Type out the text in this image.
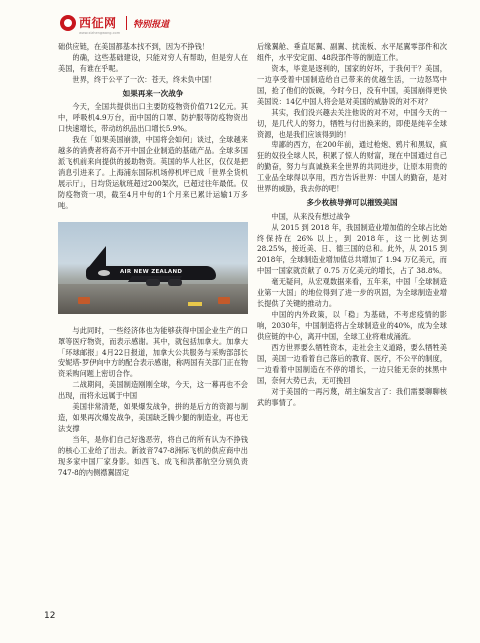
西征网
www.xizhengwang.com
特别报道

础供应链，在美国都基本找不到，因为不挣钱！

的确，这些基础建设，只能对穷人有帮助，但是穷人在美国，有谁在乎呢。

世界，终于公平了一次：苍天，终未负中国！

如果再来一次战争

今天，全国共提供出口主要防疫物资价值712亿元。其中，呼吸机4.9万台，而中国的口罩、防护服等防疫物资出口快速增长，带动纺织品出口增长5.9%。

我在「如果美国崩溃，中国将会如何」谈过，全球越来越多的消费者将高不开中国企业制造的基础产品。全球多国派飞机前来向提供的援助物资。英国的华人社区，仅仅是把消息引进来了。上海浦东国际机场停机坪已成「世界全货机展示厅」，日均货运航班超过200架次，已超过往年最低。仅防疫物资一项，截至4月中旬的1个月来已累计运输1万多吨。

AIR NEW ZEALAND

与此同时，一些经济体也为能够获得中国企业生产的口罩等医疗物资，而表示感谢。其中，就包括加拿大。加拿大「环球邮报」4月22日报道，加拿大公共服务与采购部部长安妮塔·罗伊向中方的配合表示感谢，称两国有关部门正在物资采购问题上密切合作。

二战期间，美国制造刚刚全球，今天，这一幕再也不会出现，而将永远属于中国

美国非常清楚，如果爆发战争，拼的是后方的资源与制造，如果再次爆发战争，美国缺乏腾少腿的制造业，再也无法支撑

当年，是你们自己好逸恶劳，将自己的所有认为不挣钱的核心工业给了出去。新波音747-8洲际飞机的供应商中出现多家中国厂家身影。如西飞、成飞和洪都航空分别负责747-8的内侧襟翼固定

后缘翼舱、垂直尾翼、副翼、扰流板、水平尾翼零部件和次组件，水平安定面、48段部件等的制造工作。

资本，毕竟是逐利的，国家的好坏，于我何干？美国，一边享受着中国制造给自己带来的优越生活，一边怒骂中国，抢了他们的饭碗，今时今日，没有中国，美国崩得更快美国说：14亿中国人将会是对美国的威胁说的对不对？

其实，我们没兴趣去关注他说的对不对，中国今天的一切，是几代人的努力，牺牲与付出换来的，即使是纯辛全球资源，也是我们应该得到的！

卑鄙的西方，在200年前，通过枪炮、鸦片和黑奴，疯狂的奴役全球人民，积累了惊人的财富，现在中国通过自己的勤奋，努力与真诚换来全世界的共同进步，让原本用贵的工业品全球得以享用，西方告诉世界：中国人的勤奋，是对世界的威胁，我去你的吧！

多少枚核导弹可以摧毁美国

中国，从来没有想过战争

从 2015 到 2018 年，我国制造业增加值的全球占比始终保持在 26% 以上，到 2018年，这一比例达到 28.25%，接近美、日、德三国的总和。此外，从 2015 到 2018年，全球制造业增加值总共增加了 1.94 万亿美元，而中国一国家就贡献了 0.75 万亿美元的增长，占了 38.8%。

毫无疑问，从宏观数据来看，五年来，中国「全球制造业第一大国」的地位得到了进一步的巩固，为全球制造业增长提供了关键的推动力。

中国的内外政策，以「稳」为基础，不考虑疫情的影响，2030年，中国制造将占全球制造业的40%，成为全球供应链的中心，离开中国，全球工业将难成涌流。

西方世界要么牺牲资本，走社会主义道路，要么牺牲美国，美国一边看着自己落后的教育、医疗，不公平的制度，一边看着中国制造在不停的增长，一边只能无奈的抹黑中国，奈何大势已去，无可挽回

对于美国的一再污蔑，胡主编发言了：我们需要聊聊核武的事情了。

12
